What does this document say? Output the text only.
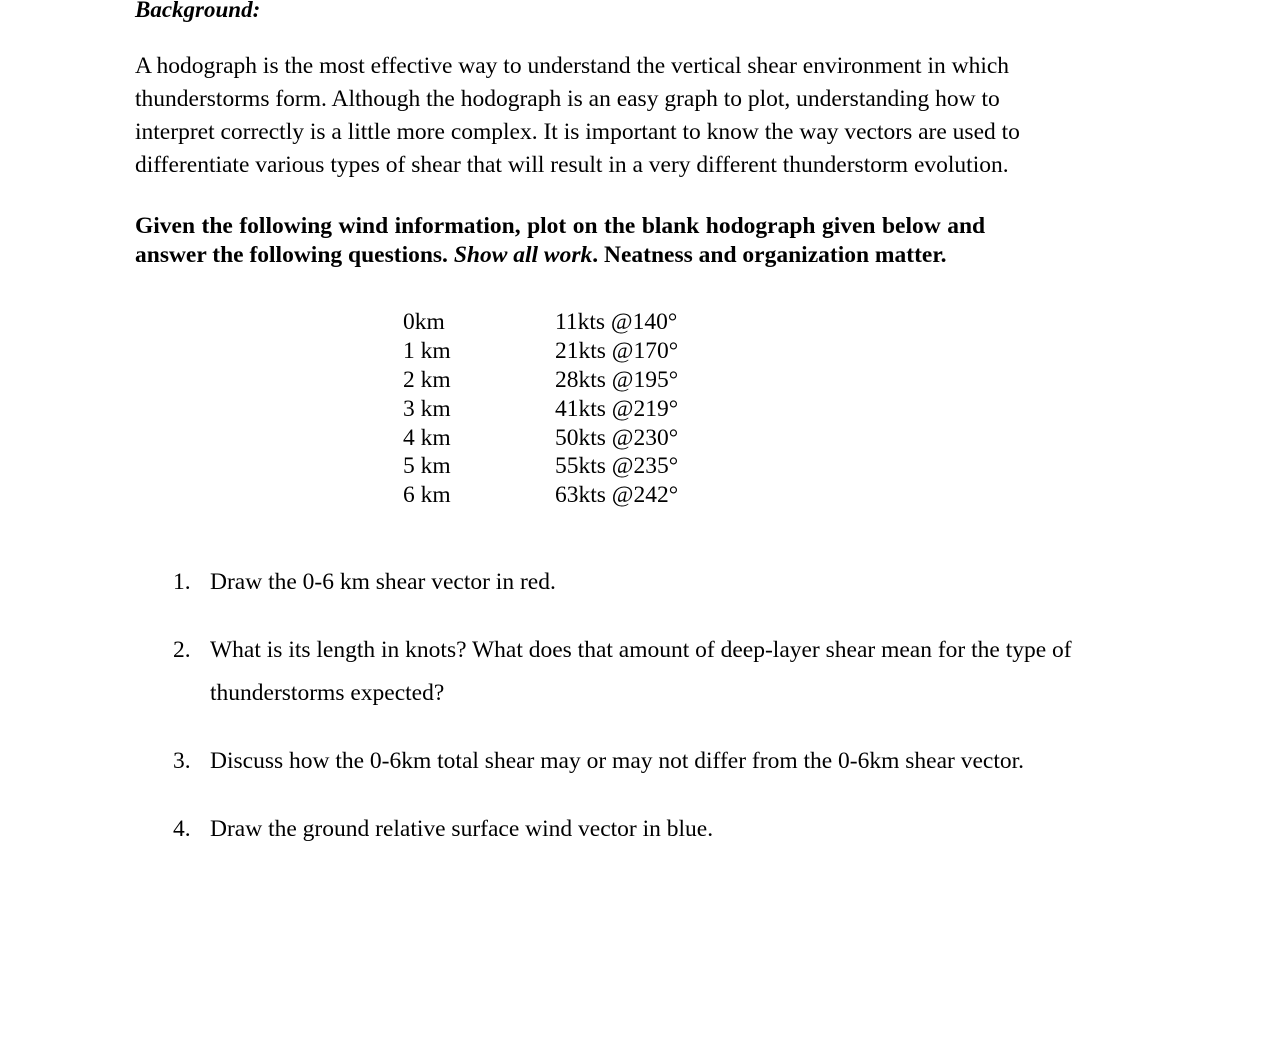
Background:
A hodograph is the most effective way to understand the vertical shear environment in which
thunderstorms form. Although the hodograph is an easy graph to plot, understanding how to
interpret correctly is a little more complex. It is important to know the way vectors are used to
differentiate various types of shear that will result in a very different thunderstorm evolution.
Given the following wind information, plot on the blank hodograph given below and
answer the following questions. Show all work. Neatness and organization matter.
0km	11kts @140°
1 km	21kts @170°
2 km	28kts @195°
3 km	41kts @219°
4 km	50kts @230°
5 km	55kts @235°
6 km	63kts @242°
1. Draw the 0-6 km shear vector in red.
2. What is its length in knots? What does that amount of deep-layer shear mean for the type of thunderstorms expected?
3. Discuss how the 0-6km total shear may or may not differ from the 0-6km shear vector.
4. Draw the ground relative surface wind vector in blue.
